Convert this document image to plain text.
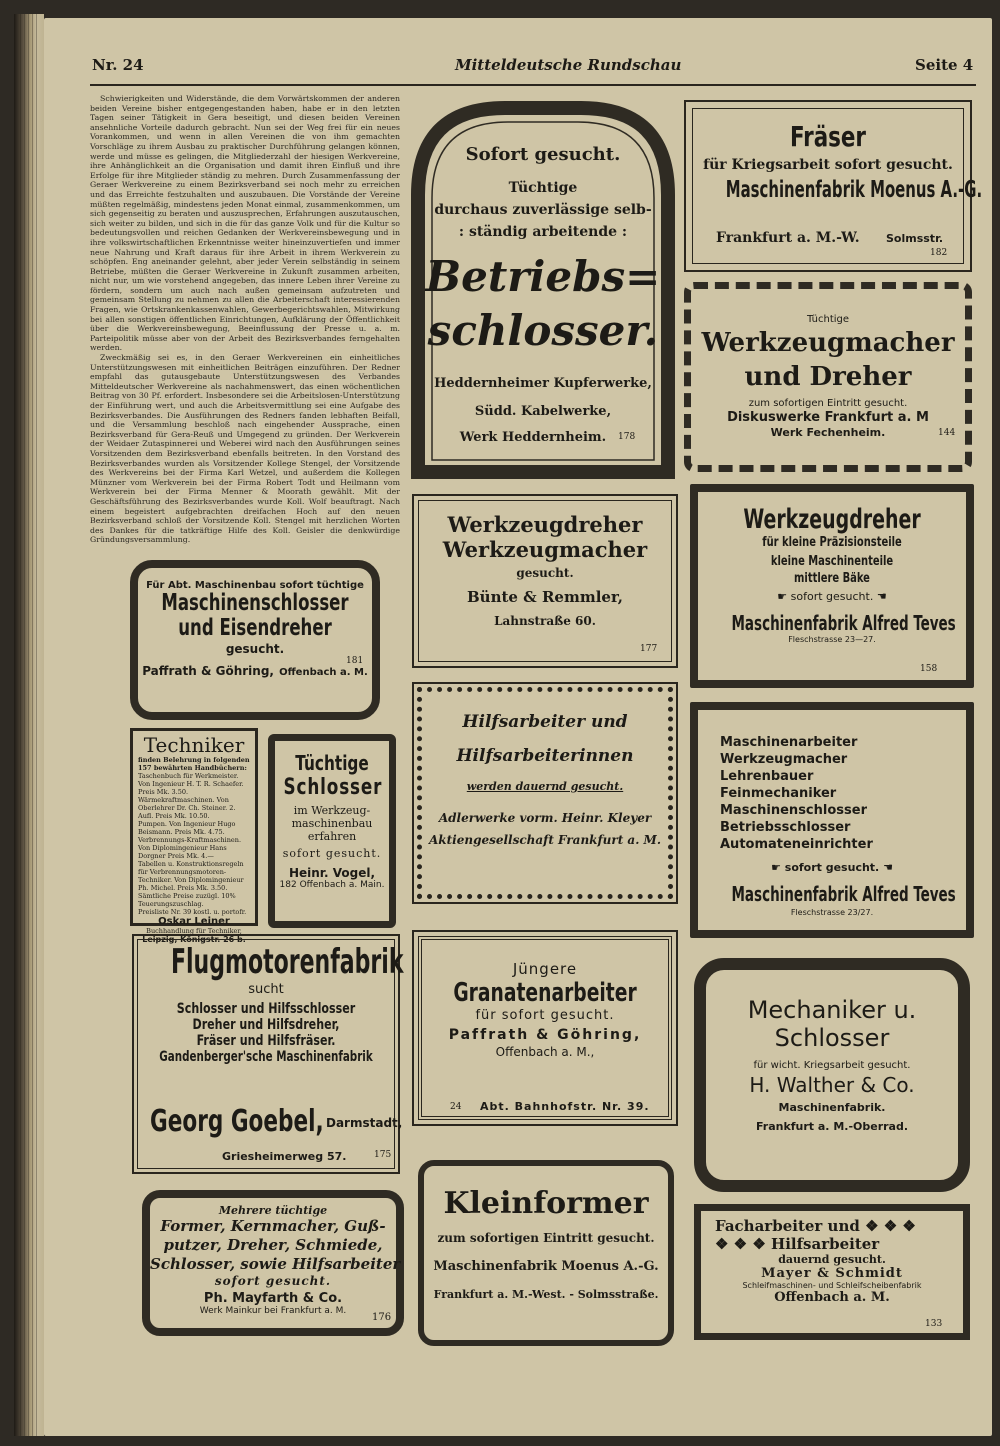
Nr. 24	Mitteldeutsche Rundschau	Seite 4

Schwierigkeiten und Widerstände, die dem Vorwärtskommen der anderen beiden Vereine bisher entgegengestanden haben, habe er in den letzten Tagen seiner Tätigkeit in Gera beseitigt, und diesen beiden Vereinen ansehnliche Vorteile dadurch gebracht. Nun sei der Weg frei für ein neues Vorankommen, und wenn in allen Vereinen die von ihm gemachten Vorschläge zu ihrem Ausbau zu praktischer Durchführung gelangen können, werde und müsse es gelingen, die Mitgliederzahl der hiesigen Werkvereine, ihre Anhänglichkeit an die Organisation und damit ihren Einfluß und ihre Erfolge für ihre Mitglieder ständig zu mehren. Durch Zusammenfassung der Geraer Werkvereine zu einem Bezirksverband sei noch mehr zu erreichen und das Erreichte festzuhalten und auszubauen. Die Vorstände der Vereine müßten regelmäßig, mindestens jeden Monat einmal, zusammenkommen, um sich gegenseitig zu beraten und auszusprechen, Erfahrungen auszutauschen, sich weiter zu bilden, und sich in die für das ganze Volk und für die Kultur so bedeutungsvollen und reichen Gedanken der Werkvereinsbewegung und in ihre volkswirtschaftlichen Erkenntnisse weiter hineinzuvertiefen und immer neue Nahrung und Kraft daraus für ihre Arbeit in ihrem Werkverein zu schöpfen. Eng aneinander gelehnt, aber jeder Verein selbständig in seinem Betriebe, müßten die Geraer Werkvereine in Zukunft zusammen arbeiten, nicht nur, um wie vorstehend angegeben, das innere Leben ihrer Vereine zu fördern, sondern um auch nach außen gemeinsam aufzutreten und gemeinsam Stellung zu nehmen zu allen die Arbeiterschaft interessierenden Fragen, wie Ortskrankenkassenwahlen, Gewerbegerichtswahlen, Mitwirkung bei allen sonstigen öffentlichen Einrichtungen, Aufklärung der Öffentlichkeit über die Werkvereinsbewegung, Beeinflussung der Presse u. a. m. Parteipolitik müsse aber von der Arbeit des Bezirksverbandes ferngehalten werden.

Zweckmäßig sei es, in den Geraer Werkvereinen ein einheitliches Unterstützungswesen mit einheitlichen Beiträgen einzuführen. Der Redner empfahl das gutausgebaute Unterstützungswesen des Verbandes Mitteldeutscher Werkvereine als nachahmenswert, das einen wöchentlichen Beitrag von 30 Pf. erfordert. Insbesondere sei die Arbeitslosen-Unterstützung der Einführung wert, und auch die Arbeitsvermittlung sei eine Aufgabe des Bezirksverbandes. Die Ausführungen des Redners fanden lebhaften Beifall, und die Versammlung beschloß nach eingehender Aussprache, einen Bezirksverband für Gera-Reuß und Umgegend zu gründen. Der Werkverein der Weidaer Zutaspinnerei und Weberei wird nach den Ausführungen seines Vorsitzenden dem Bezirksverband ebenfalls beitreten. In den Vorstand des Bezirksverbandes wurden als Vorsitzender Kollege Stengel, der Vorsitzende des Werkvereins bei der Firma Karl Wetzel, und außerdem die Kollegen Münzner vom Werkverein bei der Firma Robert Todt und Heilmann vom Werkverein bei der Firma Menner & Moorath gewählt. Mit der Geschäftsführung des Bezirksverbandes wurde Koll. Wolf beauftragt. Nach einem begeistert aufgebrachten dreifachen Hoch auf den neuen Bezirksverband schloß der Vorsitzende Koll. Stengel mit herzlichen Worten des Dankes für die tatkräftige Hilfe des Koll. Geisler die denkwürdige Gründungsversammlung.

Für Abt. Maschinenbau sofort tüchtige
Maschinenschlosser
und Eisendreher
gesucht.
181
Paffrath & Göhring, Offenbach a. M.
Techniker
finden Belehrung in folgenden 157 bewährten Handbüchern:
Taschenbuch für Werkmeister. Von Ingenieur H. T. R. Schaefer. Preis Mk. 3.50.
Wärmekraftmaschinen. Von Oberlehrer Dr. Ch. Steiner. 2. Aufl. Preis Mk. 10.50.
Pumpen. Von Ingenieur Hugo Beismann. Preis Mk. 4.75.
Verbrennungs-Kraftmaschinen. Von Diplomingenieur Hans Dorgner Preis Mk. 4.—
Tabellen u. Konstruktionsregeln für Verbrennungsmotoren-Techniker. Von Diplomingenieur Ph. Michel. Preis Mk. 3.50.
Sämtliche Preise zuzügl. 10% Teuerungszuschlag.
Preisliste Nr. 39 kostl. u. portofr.
Oskar Leiner
Buchhandlung für Techniker,
Leipzig, Königstr. 26 b.
Tüchtige
Schlosser
im Werkzeug-
maschinenbau
erfahren
sofort gesucht.
Heinr. Vogel,
182 Offenbach a. Main.
Flugmotorenfabrik
sucht
Schlosser und Hilfsschlosser
Dreher und Hilfsdreher,
Fräser und Hilfsfräser.
Gandenberger'sche Maschinenfabrik
Georg Goebel, Darmstadt,
Griesheimerweg 57.	175
Mehrere tüchtige
Former, Kernmacher, Guß-
putzer, Dreher, Schmiede,
Schlosser, sowie Hilfsarbeiter
sofort gesucht.
Ph. Mayfarth & Co.
Werk Mainkur bei Frankfurt a. M.
176
Sofort gesucht.
Tüchtige
durchaus zuverlässige selb-
: ständig arbeitende :
Betriebs=
schlosser.
Heddernheimer Kupferwerke,
Südd. Kabelwerke,
Werk Heddernheim.	178
Werkzeugdreher
Werkzeugmacher
gesucht.
Bünte & Remmler,
Lahnstraße 60.
177
Hilfsarbeiter und
Hilfsarbeiterinnen
werden dauernd gesucht.
Adlerwerke vorm. Heinr. Kleyer
Aktiengesellschaft Frankfurt a. M.
Jüngere
Granatenarbeiter
für sofort gesucht.
Paffrath & Göhring,
Offenbach a. M.,
24 Abt. Bahnhofstr. Nr. 39.
Kleinformer
zum sofortigen Eintritt gesucht.
Maschinenfabrik Moenus A.-G.
Frankfurt a. M.-West. - Solmsstraße.
Fräser
für Kriegsarbeit sofort gesucht.
Maschinenfabrik Moenus A.-G.
Frankfurt a. M.-W. Solmsstr.
182
Tüchtige
Werkzeugmacher
und Dreher
zum sofortigen Eintritt gesucht.
Diskuswerke Frankfurt a. M
Werk Fechenheim.	144
Werkzeugdreher
für kleine Präzisionsteile
kleine Maschinenteile
mittlere Bäke
☛ sofort gesucht. ☚
Maschinenfabrik Alfred Teves
Fleschstrasse 23—27.
158
Maschinenarbeiter
Werkzeugmacher
Lehrenbauer
Feinmechaniker
Maschinenschlosser
Betriebsschlosser
Automateneinrichter
☛ sofort gesucht. ☚
Maschinenfabrik Alfred Teves
Fleschstrasse 23/27.
Mechaniker u.
Schlosser
für wicht. Kriegsarbeit gesucht.
H. Walther & Co.
Maschinenfabrik.
Frankfurt a. M.-Oberrad.
Facharbeiter und ❖ ❖ ❖
❖ ❖ ❖ Hilfsarbeiter
dauernd gesucht.
Mayer & Schmidt
Schleifmaschinen- und Schleifscheibenfabrik
Offenbach a. M.
133
